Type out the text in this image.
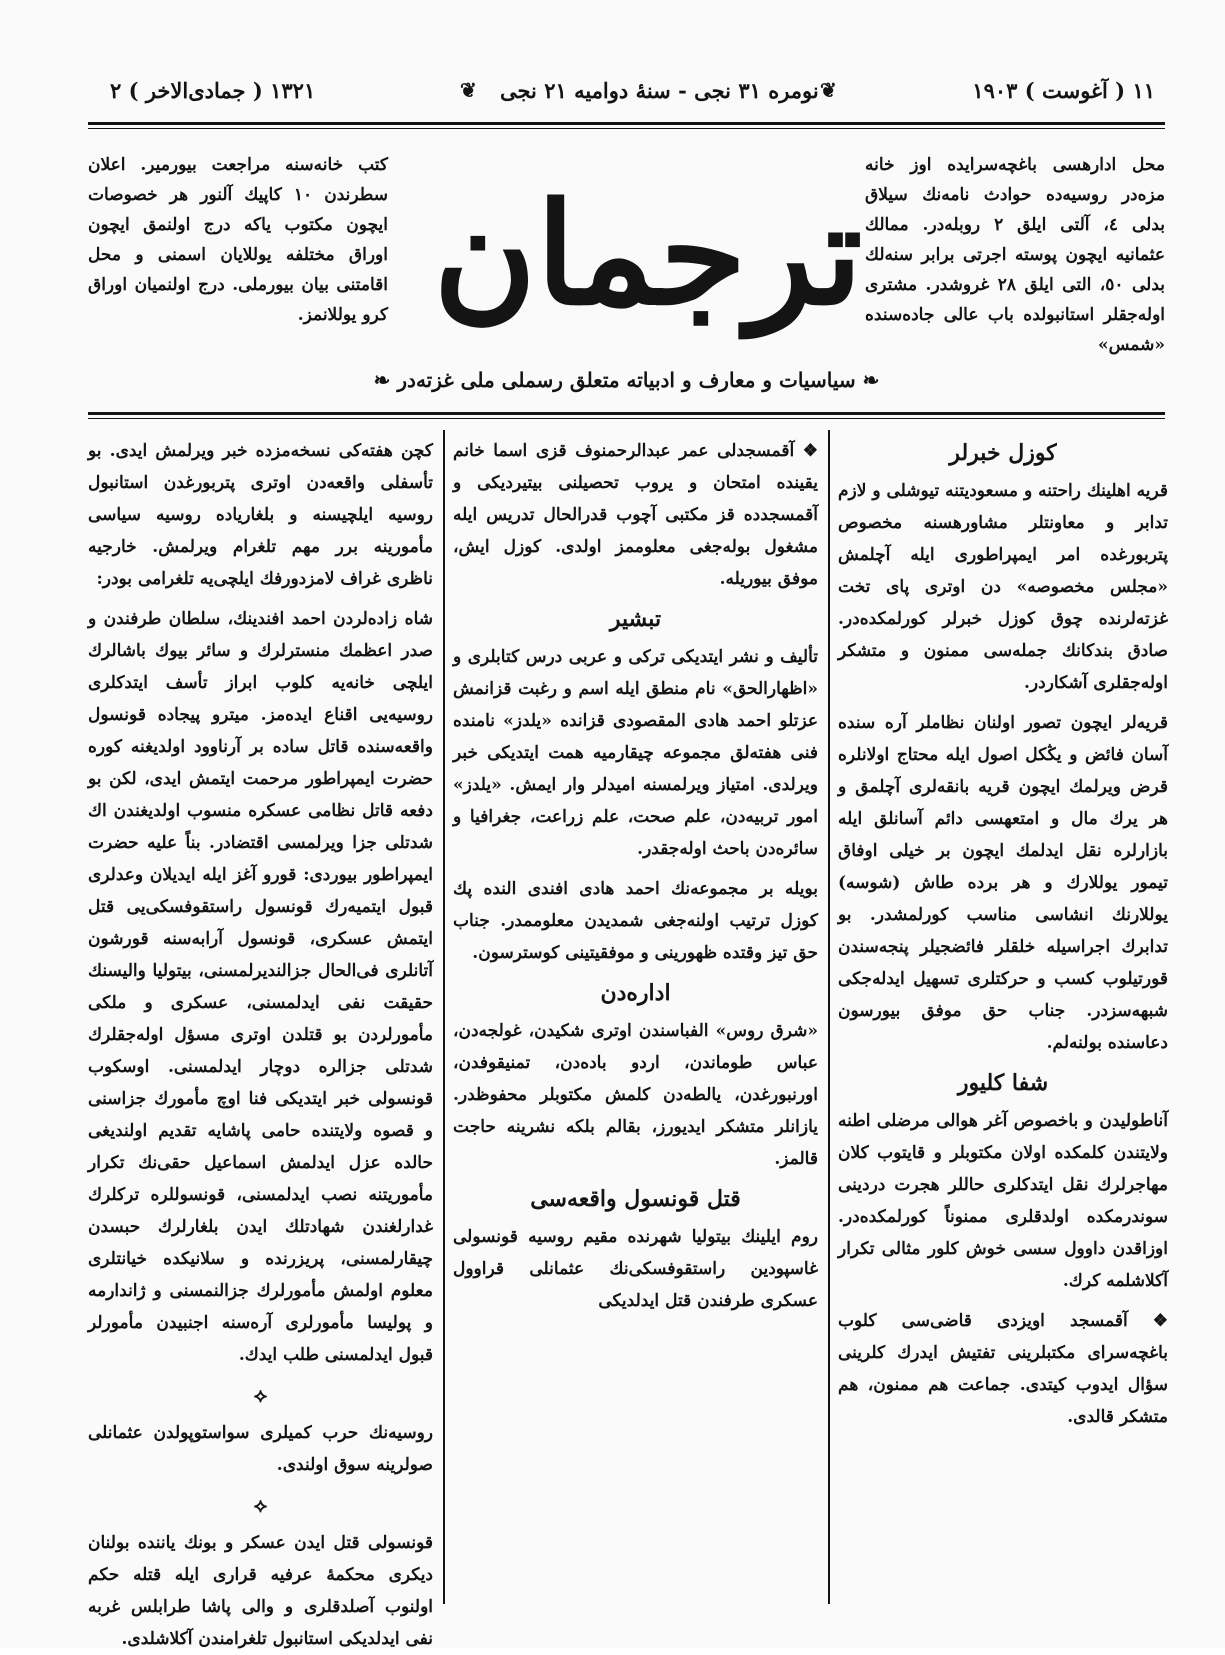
۲ ( جمادی‌الاخر ) ۱۳۲۱	❦ نومره ۳۱ نجی - سنهٔ دوامیه ۲۱ نجی ❦	۱۹۰۳ ( آغوست ) ۱۱
محل ادارهسی باغچه‌سرایده اوز خانه مزه‌در روسیه‌ده حوادث نامه‌نك سیلاق بدلی ٤، آلتی ایلق ۲ روبله‌در. ممالك عثمانیه ایچون پوسته اجرتی برابر سنه‌لك بدلی ٥٠، التی ایلق ۲۸ غروشدر. مشتری اوله‌جقلر استانبولده باب عالی جاده‌سنده «شمس»
ترجمان
كتب خانه‌سنه مراجعت بیورمیر. اعلان سطرندن ۱۰ كاپیك آلنور هر خصوصات ایچون مكتوب یاكه درج اولنمق ایچون اوراق مختلفه یوللایان اسمنی و محل اقامتنی بیان بیورملی. درج اولنمیان اوراق كرو یوللانمز.
❧ سیاسیات و معارف و ادبیاته متعلق رسملی ملی غزته‌در ❧
كوزل خبرلر

قریه اهلینك راحتنه و مسعودیتنه تیوشلی و لازم تدابر و معاونتلر مشاورهسنه مخصوص پتربورغده امر ایمپراطوری ایله آچلمش «مجلس مخصوصه» دن اوتری پای تخت غزته‌لرنده چوق كوزل خبرلر كورلمكده‌در. صادق بندكانك جمله‌سی ممنون و متشكر اوله‌جقلری آشكاردر.

قریه‌لر ایچون تصور اولنان نظاملر آره سنده آسان فائض و یڭكل اصول ایله محتاج اولانلره قرض ویرلمك ایچون قریه بانقه‌لری آچلمق و هر یرك مال و امتعهسی دائم آسانلق ایله بازارلره نقل ایدلمك ایچون بر خیلی اوفاق تیمور یوللارك و هر برده طاش (شوسه) یوللارنك انشاسی مناسب كورلمشدر. بو تدابرك اجراسیله خلقلر فائضجیلر پنجه‌سندن قورتیلوب كسب و حركتلری تسهیل ایدله‌جكی شبهه‌سزدر. جناب حق موفق بیورسون دعاسنده بولنه‌لم.

شفا كلیور

آناطولیدن و باخصوص آغر هوالی مرضلی اطنه ولایتندن كلمكده اولان مكتوبلر و قایتوب كلان مهاجرلرك نقل ایتدكلری حاللر هجرت دردینی سوندرمكده اولدقلری ممنوناً كورلمكده‌در. اوزاقدن داوول سسی خوش كلور مثالی تكرار آكلاشلمه كرك.

❖ آقمسجد اویزدی قاضی‌سی كلوب باغچه‌سرای مكتبلرینی تفتیش ایدرك كلرینی سؤال ایدوب كیتدی. جماعت هم ممنون، هم متشكر قالدی.

❖ آقمسجدلی عمر عبدالرحمنوف قزی اسما خانم یقینده امتحان و یروب تحصیلنی بیتیردیكی و آقمسجدده قز مكتبی آچوب قدرالحال تدریس ایله مشغول بوله‌جغی معلوممز اولدی. كوزل ایش، موفق بیوریله.

تبشیر

تألیف و نشر ایتدیكی تركی و عربی درس كتابلری و «اظهارالحق» نام منطق ایله اسم و رغبت قزانمش عزتلو احمد هادی المقصودی قزانده «یلدز» نامنده فنی هفته‌لق مجموعه چیقارمیه همت ایتدیكی خبر ویرلدی. امتیاز ویرلمسنه امیدلر وار ایمش. «یلدز» امور تربیه‌دن، علم صحت، علم زراعت، جغرافیا و سائره‌دن باحث اوله‌جقدر.

بویله بر مجموعه‌نك احمد هادی افندی الندە پك كوزل ترتیب اولنه‌جغی شمدیدن معلوممدر. جناب حق تیز وقتده ظهورینی و موفقیتینی كوسترسون.

ادارەدن

«شرق روس» الفباسندن اوتری شكیدن، غولجه‌دن، عباس طوماندن، اردو بادەدن، تمنیقوفدن، اورنبورغدن، یالطه‌دن كلمش مكتوبلر محفوظدر. یازانلر متشكر ایدیورز، بقالم بلكه نشرینه حاجت قالمز.

قتل قونسول واقعه‌سی

روم ایلینك بیتولیا شهرنده مقیم روسیه قونسولی غاسپودین راستقوفسكی‌نك عثمانلی قراوول عسكری طرفندن قتل ایدلدیكی

كچن هفته‌كی نسخه‌مزده خبر ویرلمش ایدی. بو تأسفلی واقعه‌دن اوتری پتربورغدن استانبول روسیه ایلچیسنه و بلغاریاده روسیه سیاسی مأمورینه برر مهم تلغرام ویرلمش. خارجیه ناظری غراف لامزدورفك ایلچی‌یه تلغرامی بودر:

شاه زاده‌لردن احمد افندینك، سلطان طرفندن و صدر اعظمك منسترلرك و سائر بیوك باشالرك ایلچی خانه‌یه كلوب ابراز تأسف ایتدكلری روسیه‌یی اقناع ایدەمز. میترو پیجاده قونسول واقعه‌سنده قاتل ساده بر آرناوود اولدیغنه كوره حضرت ایمپراطور مرحمت ایتمش ایدی، لكن بو دفعه قاتل نظامی عسكره منسوب اولدیغندن اك شدتلی جزا ویرلمسی اقتضادر. بناً علیه حضرت ایمپراطور بیوردی: قورو آغز ایله ایدیلان وعدلری قبول ایتمیەرك قونسول راستقوفسكی‌یی قتل ایتمش عسكری، قونسول آرابه‌سنه قورشون آتانلری فی‌الحال جزالندیرلمسنی، بیتولیا والیسنك حقیقت نفی ایدلمسنی، عسكری و ملكی مأمورلردن بو قتلدن اوتری مسؤل اوله‌جقلرك شدتلی جزالره دوچار ایدلمسنی. اوسكوب قونسولی خبر ایتدیكی فنا اوچ مأمورك جزاسنی و قصوه ولایتنده حامی پاشایه تقدیم اولندیغی حالده عزل ایدلمش اسماعیل حقی‌نك تكرار مأموریتنه نصب ایدلمسنی، قونسوللره تركلرك غدارلغندن شهادتلك ایدن بلغارلرك حبسدن چیقارلمسنی، پریزرنده و سلانیكده خیانتلری معلوم اولمش مأمورلرك جزالنمسنی و ژاندارمه و پولیسا مأمورلری آرەسنه اجنبیدن مأمورلر قبول ایدلمسنی طلب ایدك.

⟡

روسیه‌نك حرب كمیلری سواستوپولدن عثمانلی صولرینه سوق اولندی.

⟡

قونسولی قتل ایدن عسكر و بونك یاننده بولنان دیكری محكمهٔ عرفیه قراری ایله قتله حكم اولنوب آصلدقلری و والی پاشا طرابلس غربه نفی ایدلدیكی استانبول تلغرامندن آكلاشلدی.
